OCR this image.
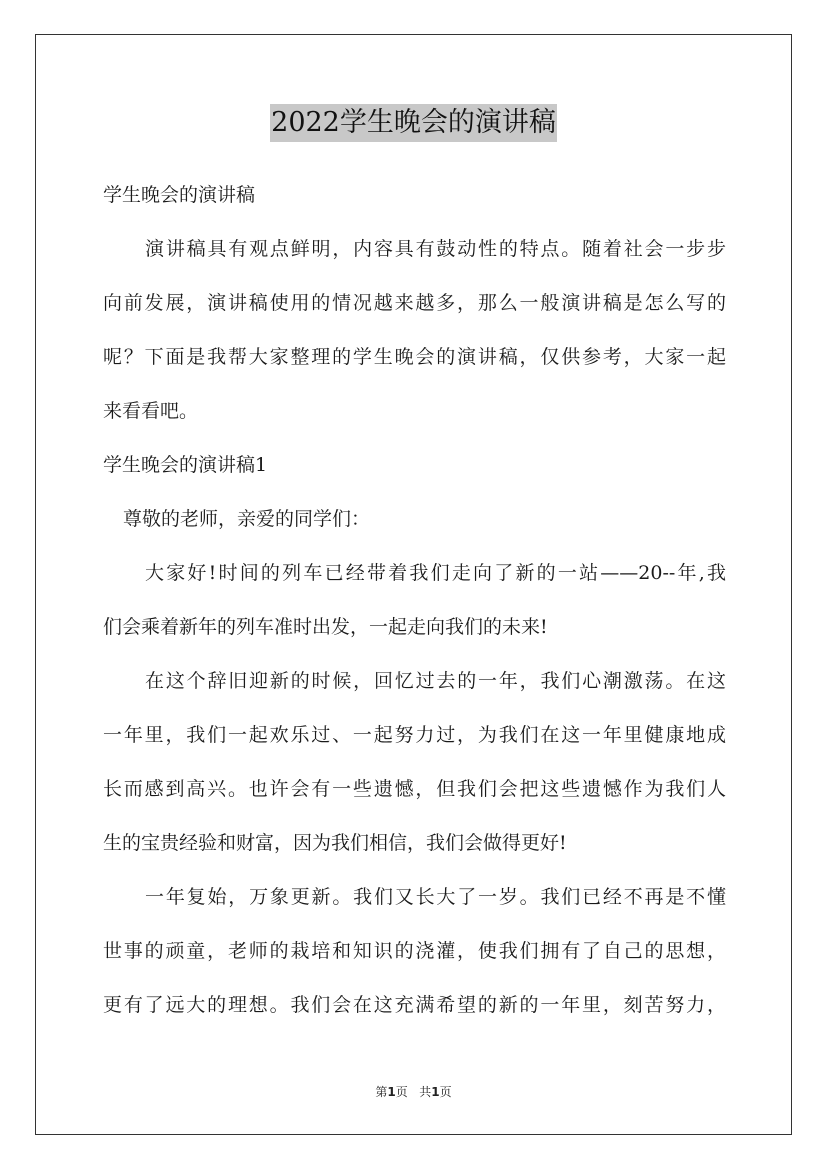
2022学生晚会的演讲稿
学生晚会的演讲稿
演讲稿具有观点鲜明，内容具有鼓动性的特点。随着社会一步步
向前发展，演讲稿使用的情况越来越多，那么一般演讲稿是怎么写的
呢？下面是我帮大家整理的学生晚会的演讲稿，仅供参考，大家一起
来看看吧。
学生晚会的演讲稿1
尊敬的老师，亲爱的同学们：
大家好!时间的列车已经带着我们走向了新的一站——20--年,我
们会乘着新年的列车准时出发，一起走向我们的未来!
在这个辞旧迎新的时候，回忆过去的一年，我们心潮激荡。在这
一年里，我们一起欢乐过、一起努力过，为我们在这一年里健康地成
长而感到高兴。也许会有一些遗憾，但我们会把这些遗憾作为我们人
生的宝贵经验和财富，因为我们相信，我们会做得更好!
一年复始，万象更新。我们又长大了一岁。我们已经不再是不懂
世事的顽童，老师的栽培和知识的浇灌，使我们拥有了自己的思想，
更有了远大的理想。我们会在这充满希望的新的一年里，刻苦努力，
第1页 共1页
